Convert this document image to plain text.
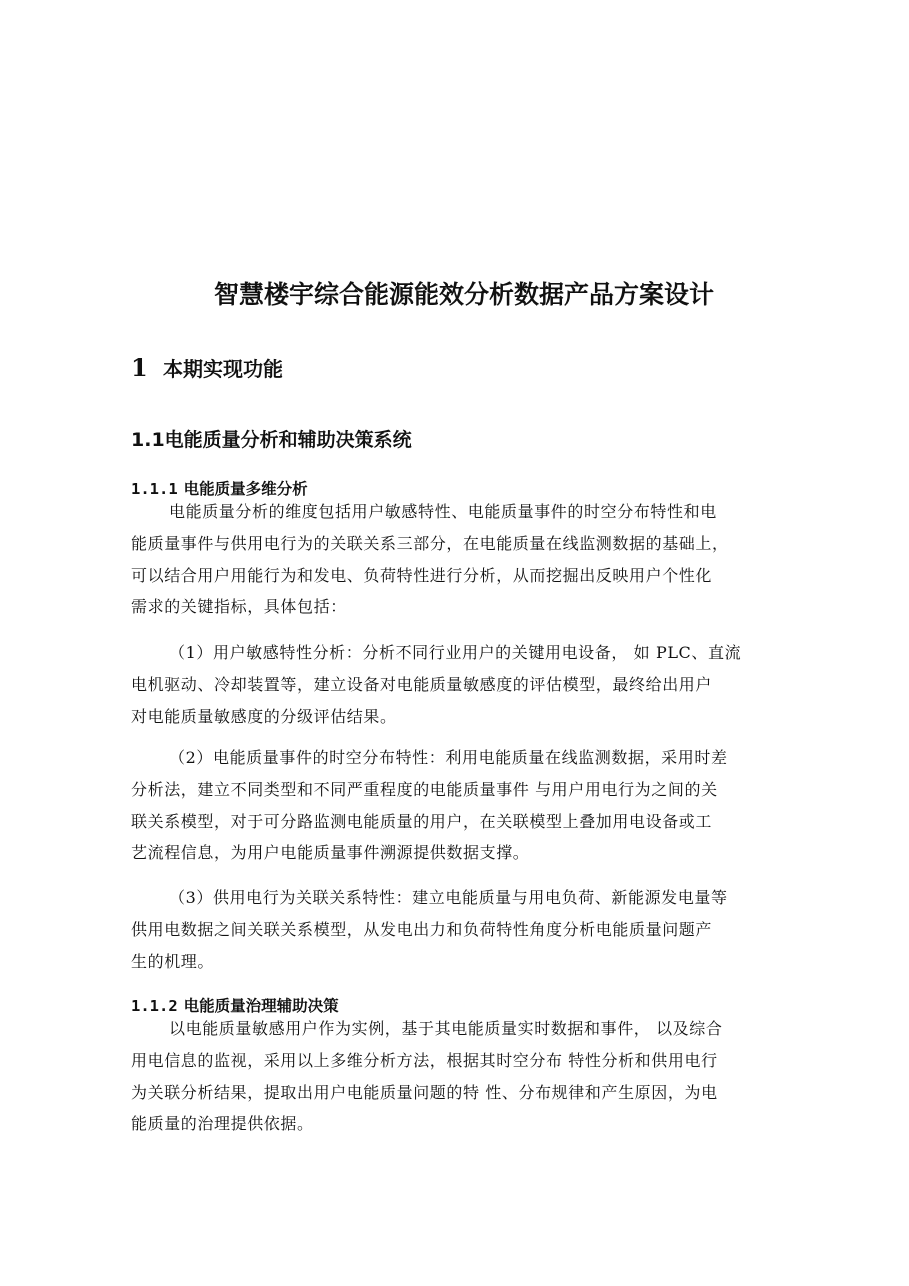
智慧楼宇综合能源能效分析数据产品方案设计
1 本期实现功能
1.1电能质量分析和辅助决策系统
1.1.1 电能质量多维分析
电能质量分析的维度包括用户敏感特性、电能质量事件的时空分布特性和电
能质量事件与供用电行为的关联关系三部分，在电能质量在线监测数据的基础上，
可以结合用户用能行为和发电、负荷特性进行分析，从而挖掘出反映用户个性化
需求的关键指标，具体包括：
（1）用户敏感特性分析：分析不同行业用户的关键用电设备， 如 PLC、直流
电机驱动、冷却装置等，建立设备对电能质量敏感度的评估模型，最终给出用户
对电能质量敏感度的分级评估结果。
（2）电能质量事件的时空分布特性：利用电能质量在线监测数据，采用时差
分析法，建立不同类型和不同严重程度的电能质量事件 与用户用电行为之间的关
联关系模型，对于可分路监测电能质量的用户，在关联模型上叠加用电设备或工
艺流程信息，为用户电能质量事件溯源提供数据支撑。
（3）供用电行为关联关系特性：建立电能质量与用电负荷、新能源发电量等
供用电数据之间关联关系模型，从发电出力和负荷特性角度分析电能质量问题产
生的机理。
1.1.2 电能质量治理辅助决策
以电能质量敏感用户作为实例，基于其电能质量实时数据和事件， 以及综合
用电信息的监视，采用以上多维分析方法，根据其时空分布 特性分析和供用电行
为关联分析结果，提取出用户电能质量问题的特 性、分布规律和产生原因，为电
能质量的治理提供依据。
